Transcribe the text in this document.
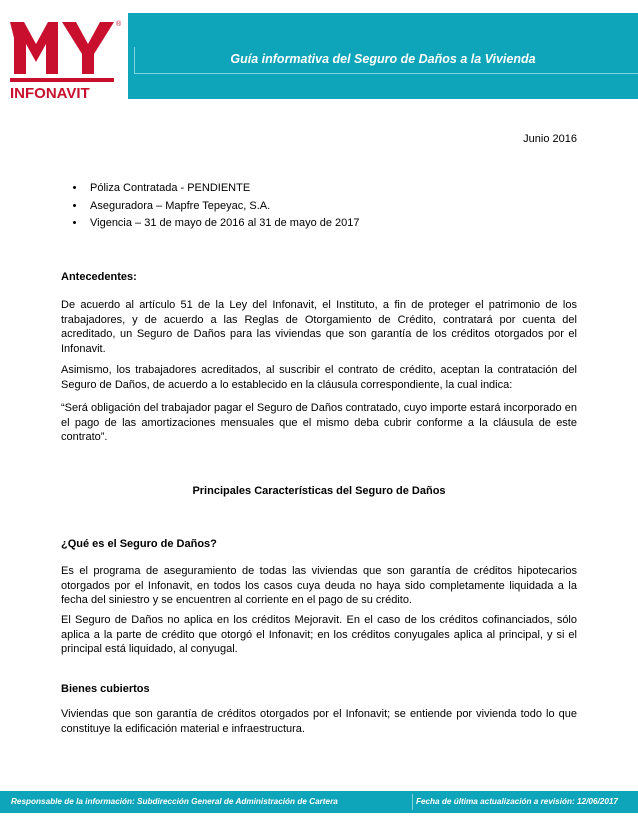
®
INFONAVIT
Guía informativa del Seguro de Daños a la Vivienda
Junio 2016
• Póliza Contratada - PENDIENTE
• Aseguradora – Mapfre Tepeyac, S.A.
• Vigencia – 31 de mayo de 2016 al 31 de mayo de 2017

Antecedentes:

De acuerdo al artículo 51 de la Ley del Infonavit, el Instituto, a fin de proteger el patrimonio de los trabajadores, y de acuerdo a las Reglas de Otorgamiento de Crédito, contratará por cuenta del acreditado, un Seguro de Daños para las viviendas que son garantía de los créditos otorgados por el Infonavit.

Asimismo, los trabajadores acreditados, al suscribir el contrato de crédito, aceptan la contratación del Seguro de Daños, de acuerdo a lo establecido en la cláusula correspondiente, la cual indica:

“Será obligación del trabajador pagar el Seguro de Daños contratado, cuyo importe estará incorporado en el pago de las amortizaciones mensuales que el mismo deba cubrir conforme a la cláusula de este contrato”.

Principales Características del Seguro de Daños

¿Qué es el Seguro de Daños?

Es el programa de aseguramiento de todas las viviendas que son garantía de créditos hipotecarios otorgados por el Infonavit, en todos los casos cuya deuda no haya sido completamente liquidada a la fecha del siniestro y se encuentren al corriente en el pago de su crédito.

El Seguro de Daños no aplica en los créditos Mejoravit. En el caso de los créditos cofinanciados, sólo aplica a la parte de crédito que otorgó el Infonavit; en los créditos conyugales aplica al principal, y si el principal está liquidado, al conyugal.

Bienes cubiertos

Viviendas que son garantía de créditos otorgados por el Infonavit; se entiende por vivienda todo lo que constituye la edificación material e infraestructura.

Responsable de la información: Subdirección General de Administración de Cartera	Fecha de última actualización a revisión: 12/06/2017
